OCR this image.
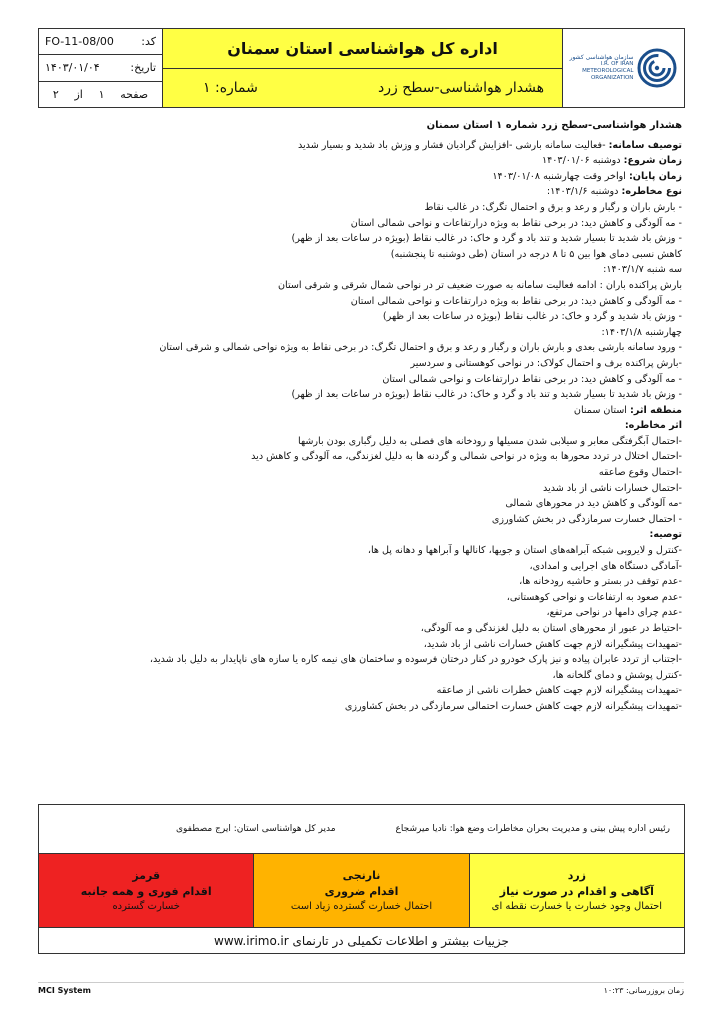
کد:
FO-11-08/00
تاریخ:
۱۴۰۳/۰۱/۰۴
صفحه
۱
از
۲
اداره کل هواشناسی استان سمنان
هشدار هواشناسی-سطح زرد
شماره: ۱
سازمان هواشناسی کشور
I.R. OF IRAN
METEOROLOGICAL
ORGANIZATION

هشدار هواشناسی-سطح زرد شماره ۱ استان سمنان

توصیف سامانه: -فعالیت سامانه بارشی -افزایش گرادیان فشار و وزش باد شدید و بسیار شدید

زمان شروع: دوشنبه ۱۴۰۳/۰۱/۰۶

زمان پایان: اواخر وقت چهارشنبه ۱۴۰۳/۰۱/۰۸

نوع مخاطره: دوشنبه ۱۴۰۳/۱/۶:

- بارش باران و رگبار و رعد و برق و احتمال تگرگ: در غالب نقاط

- مه آلودگی و کاهش دید: در برخی نقاط به ویژه درارتفاعات و نواحی شمالی استان

- وزش باد شدید تا بسیار شدید و تند باد و گرد و خاک: در غالب نقاط (بویژه در ساعات بعد از ظهر)

کاهش نسبی دمای هوا بین ۵ تا ۸ درجه در استان (طی دوشنبه تا پنجشنبه)

سه شنبه ۱۴۰۳/۱/۷:

بارش پراکنده باران : ادامه فعالیت سامانه به صورت ضعیف تر در نواحی شمال شرقی و شرقی استان

- مه آلودگی و کاهش دید: در برخی نقاط به ویژه درارتفاعات و نواحی شمالی استان

- وزش باد شدید و گرد و خاک: در غالب نقاط (بویژه در ساعات بعد از ظهر)

چهارشنبه ۱۴۰۳/۱/۸:

- ورود سامانه بارشی بعدی و بارش باران و رگبار و رعد و برق و احتمال تگرگ: در برخی نقاط به ویژه نواحی شمالی و شرقی استان

-بارش پراکنده برف و احتمال کولاک: در نواحی کوهستانی و سردسیر

- مه آلودگی و کاهش دید: در برخی نقاط درارتفاعات و نواحی شمالی استان

- وزش باد شدید تا بسیار شدید و تند باد و گرد و خاک: در غالب نقاط (بویژه در ساعات بعد از ظهر)

منطقه اثر: استان سمنان

اثر مخاطره:

-احتمال آبگرفتگی معابر و سیلابی شدن مسیلها و رودخانه های فصلی به دلیل رگباری بودن بارشها

-احتمال اختلال در تردد محورها به ویژه در نواحی شمالی و گردنه ها به دلیل لغزندگی، مه آلودگی و کاهش دید

-احتمال وقوع صاعقه

-احتمال خسارات ناشی از باد شدید

-مه آلودگی و کاهش دید در محورهای شمالی

- احتمال خسارت سرمازدگی در بخش کشاورزی

توصیه:

-کنترل و لایروبی شبکه آبراهه‌های استان و جویها، کانالها و آبراهها و دهانه پل ها،

-آمادگی دستگاه های اجرایی و امدادی،

-عدم توقف در بستر و حاشیه رودخانه ها،

-عدم صعود به ارتفاعات و نواحی کوهستانی،

-عدم چرای دامها در نواحی مرتفع،

-احتیاط در عبور از محورهای استان به دلیل لغزندگی و مه آلودگی،

-تمهیدات پیشگیرانه لازم جهت کاهش خسارات ناشی از باد شدید،

-اجتناب از تردد عابران پیاده و نیز پارک خودرو در کنار درختان فرسوده و ساختمان های نیمه کاره یا سازه های ناپایدار به دلیل باد شدید،

-کنترل پوشش و دمای گلخانه ها،

-تمهیدات پیشگیرانه لازم جهت کاهش خطرات ناشی از صاعقه

-تمهیدات پیشگیرانه لازم جهت کاهش خسارت احتمالی سرمازدگی در بخش کشاورزی

رئیس اداره پیش بینی و مدیریت بحران مخاطرات وضع هوا: نادیا میرشجاع
مدیر کل هواشناسی استان: ایرج مصطفوی
زرد
آگاهی و اقدام در صورت نیاز
احتمال وجود خسارت یا خسارت نقطه ای
نارنجی
اقدام ضروری
احتمال خسارت گسترده زیاد است
قرمز
اقدام فوری و همه جانبه
خسارت گسترده
جزییات بیشتر و اطلاعات تکمیلی در تارنمای www.irimo.ir
MCI System	زمان بروزرسانی: ۱۰:۲۳
